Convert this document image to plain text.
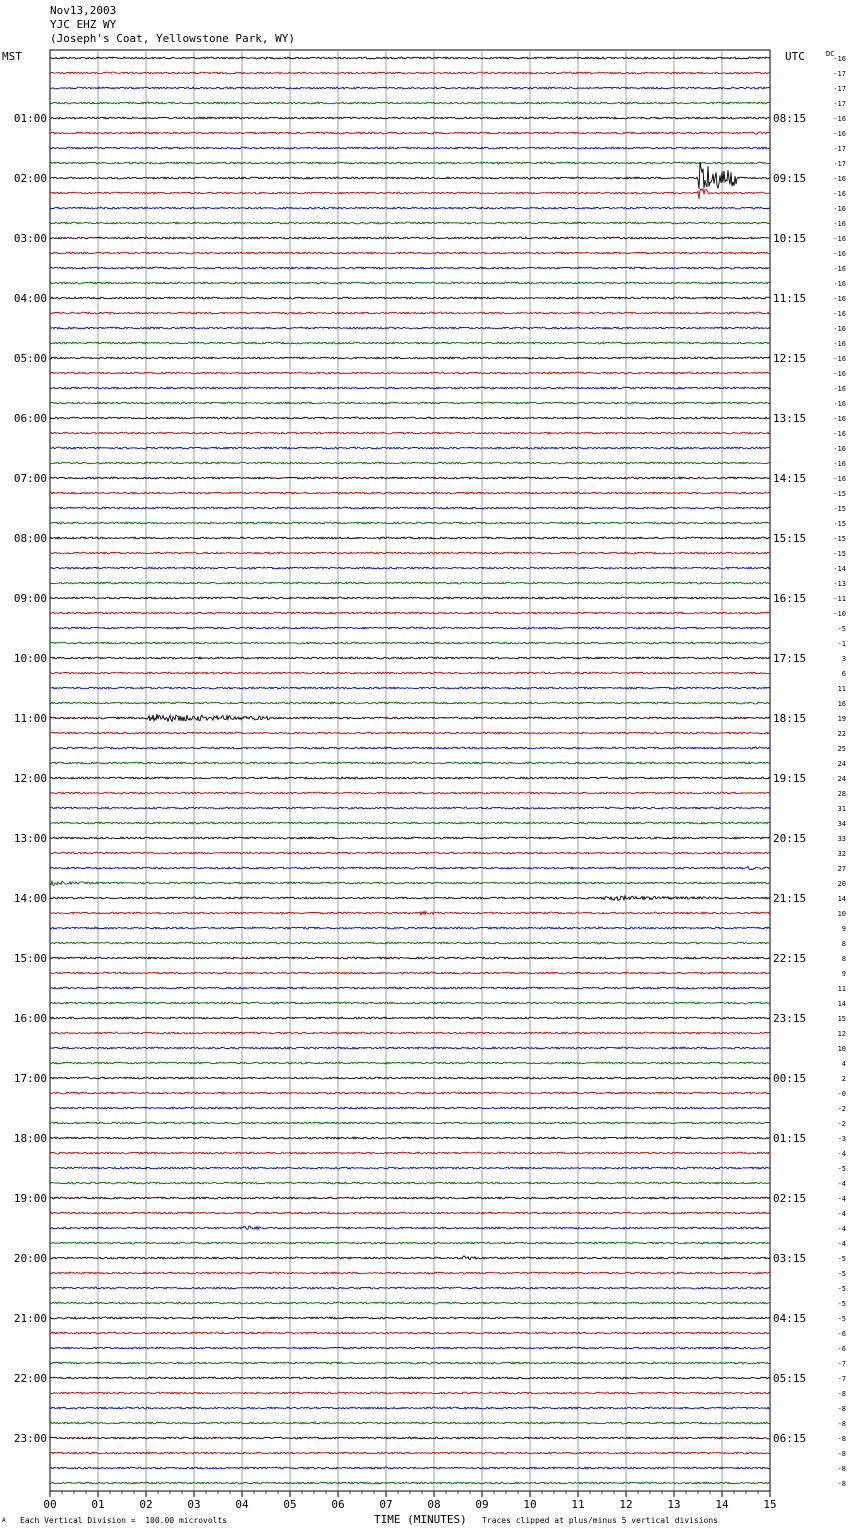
Nov13,2003
YJC EHZ WY
(Joseph's Coat, Yellowstone Park, WY)
MST	UTC	DC
00	01	02	03	04	05	06	07	08	09	10	11	12	13	14	15
-16
-17
-17
-17
-16
-16
-17
-17
-16
-16
-16
-16
-16
-16
-16
-16
-16
-16
-16
-16
-16
-16
-16
-16
-16
-16
-16
-16
-16
-15
-15
-15
-15
-15
-14
-13
-11
-10
-5
-1
3
6
11
16
19
22
25
24
24
28
31
34
33
32
27
20
14
10
9
8
8
9
11
14
15
12
10
4
2
-0
-2
-2
-3
-4
-5
-4
-4
-4
-4
-4
-5
-5
-5
-5
-5
-6
-6
-7
-7
-8
-8
-8
-8
-8
-8
-8
01:00
02:00
03:00
04:00
05:00
06:00
07:00
08:00
09:00
10:00
11:00
12:00
13:00
14:00
15:00
16:00
17:00
18:00
19:00
20:00
21:00
22:00
23:00
08:15
09:15
10:15
11:15
12:15
13:15
14:15
15:15
16:15
17:15
18:15
19:15
20:15
21:15
22:15
23:15
00:15
01:15
02:15
03:15
04:15
05:15
06:15
A Each Vertical Division =  100.00 microvolts	TIME (MINUTES) Traces clipped at plus/minus 5 vertical divisions
